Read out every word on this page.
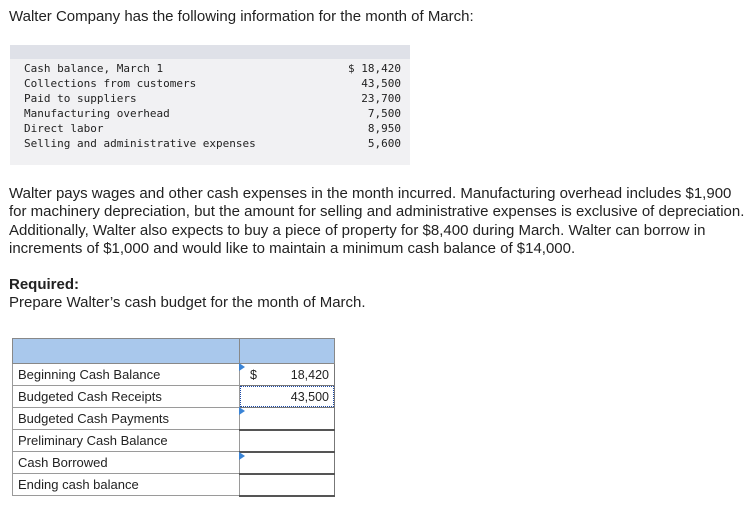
Walter Company has the following information for the month of March:
Cash balance, March 1	$ 18,420
Collections from customers	43,500
Paid to suppliers	23,700
Manufacturing overhead	7,500
Direct labor	8,950
Selling and administrative expenses	5,600
Walter pays wages and other cash expenses in the month incurred. Manufacturing overhead includes $1,900 for machinery depreciation, but the amount for selling and administrative expenses is exclusive of depreciation. Additionally, Walter also expects to buy a piece of property for $8,400 during March. Walter can borrow in increments of $1,000 and would like to maintain a minimum cash balance of $14,000.
Required:
Prepare Walter’s cash budget for the month of March.

Beginning Cash Balance	$ 18,420

Budgeted Cash Receipts	43,500

Budgeted Cash Payments	

Preliminary Cash Balance	

Cash Borrowed	

Ending cash balance	
